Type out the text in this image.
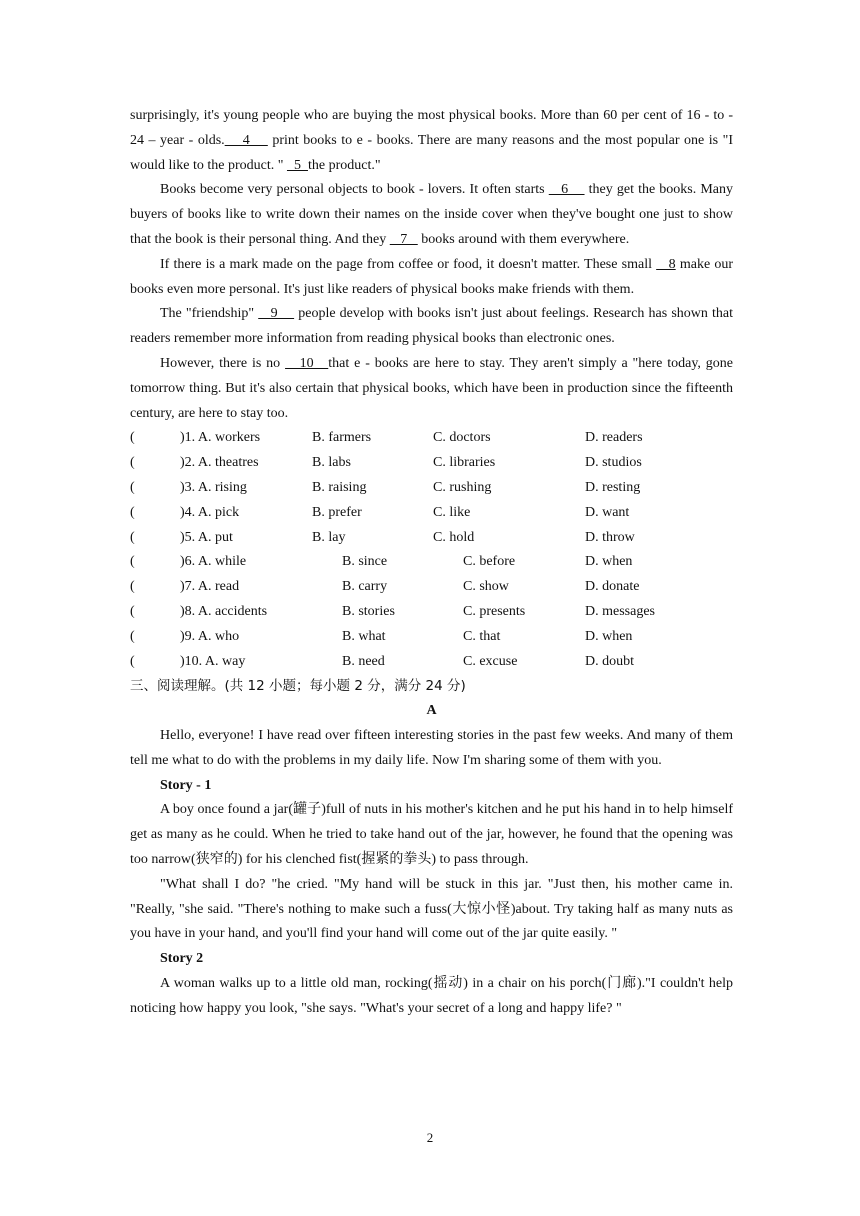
surprisingly, it's young people who are buying the most physical books. More than 60 per cent of 16 - to - 24 – year - olds.    4     print books to e - books. There are many reasons and the most popular one is "I would like to the product. "   5  the product."

Books become very personal objects to book - lovers. It often starts    6     they get the books. Many buyers of books like to write down their names on the inside cover when they've bought one just to show that the book is their personal thing. And they    7    books around with them everywhere.

If there is a mark made on the page from coffee or food, it doesn't matter. These small    8 make our books even more personal. It's just like readers of physical books make friends with them.

The "friendship"    9     people develop with books isn't just about feelings. Research has shown that readers remember more information from reading physical books than electronic ones.

However, there is no    10   that e - books are here to stay. They aren't simply a "here today, gone tomorrow thing. But it's also certain that physical books, which have been in production since the fifteenth century, are here to stay too.

(	)1. A. workers	B. farmers	C. doctors	D. readers
(	)2. A. theatres	B. labs	C. libraries	D. studios
(	)3. A. rising	B. raising	C. rushing	D. resting
(	)4. A. pick	B. prefer	C. like	D. want
(	)5. A. put	B. lay	C. hold	D. throw
(	)6. A. while	B. since	C. before	D. when
(	)7. A. read	B. carry	C. show	D. donate
(	)8. A. accidents	B. stories	C. presents	D. messages
(	)9. A. who	B. what	C. that	D. when
(	)10. A. way	B. need	C. excuse	D. doubt

三、阅读理解。(共 12 小题；每小题 2 分，满分 24 分)

A

Hello, everyone! I have read over fifteen interesting stories in the past few weeks. And many of them tell me what to do with the problems in my daily life. Now I'm sharing some of them with you.

Story - 1

A boy once found a jar(罐子)full of nuts in his mother's kitchen and he put his hand in to help himself get as many as he could. When he tried to take hand out of the jar, however, he found that the opening was too narrow(狭窄的) for his clenched fist(握紧的拳头) to pass through.

"What shall I do? "he cried. "My hand will be stuck in this jar. "Just then, his mother came in. "Really, "she said. "There's nothing to make such a fuss(大惊小怪)about. Try taking half as many nuts as you have in your hand, and you'll find your hand will come out of the jar quite easily. "

Story 2

A woman walks up to a little old man, rocking(摇动) in a chair on his porch(门廊)."I couldn't help noticing how happy you look, "she says. "What's your secret of a long and happy life? "

2
